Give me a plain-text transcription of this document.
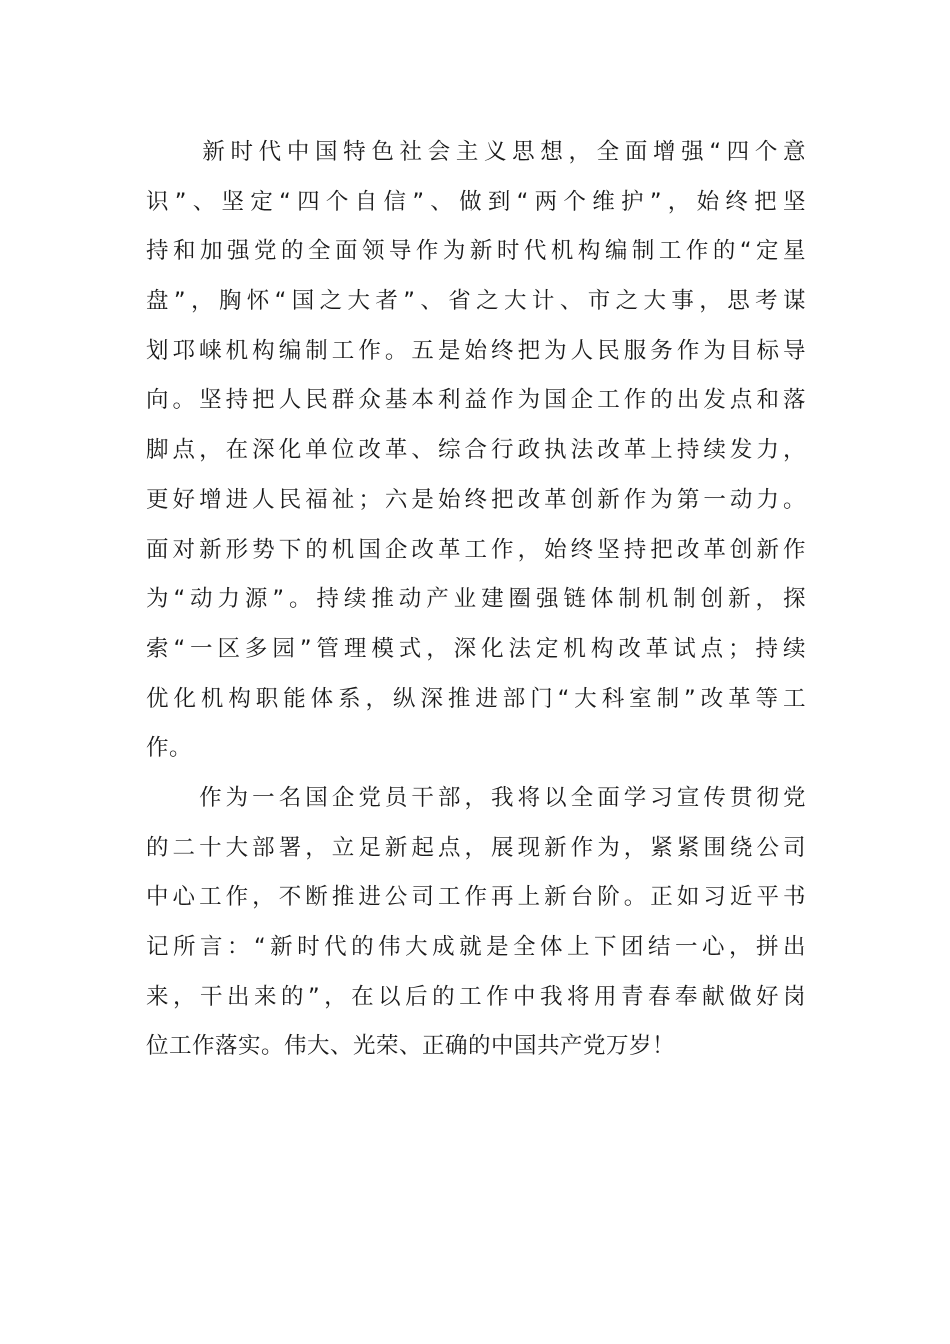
　　新时代中国特色社会主义思想，全面增强“四个意
识”、坚定“四个自信”、做到“两个维护”，始终把坚
持和加强党的全面领导作为新时代机构编制工作的“定星
盘”，胸怀“国之大者”、省之大计、市之大事，思考谋
划邛崃机构编制工作。五是始终把为人民服务作为目标导
向。坚持把人民群众基本利益作为国企工作的出发点和落
脚点，在深化单位改革、综合行政执法改革上持续发力，
更好增进人民福祉；六是始终把改革创新作为第一动力。
面对新形势下的机国企改革工作，始终坚持把改革创新作
为“动力源”。持续推动产业建圈强链体制机制创新，探
索“一区多园”管理模式，深化法定机构改革试点；持续
优化机构职能体系，纵深推进部门“大科室制”改革等工
作。
　　作为一名国企党员干部，我将以全面学习宣传贯彻党
的二十大部署，立足新起点，展现新作为，紧紧围绕公司
中心工作，不断推进公司工作再上新台阶。正如习近平书
记所言：“新时代的伟大成就是全体上下团结一心，拼出
来，干出来的”，在以后的工作中我将用青春奉献做好岗
位工作落实。伟大、光荣、正确的中国共产党万岁！
